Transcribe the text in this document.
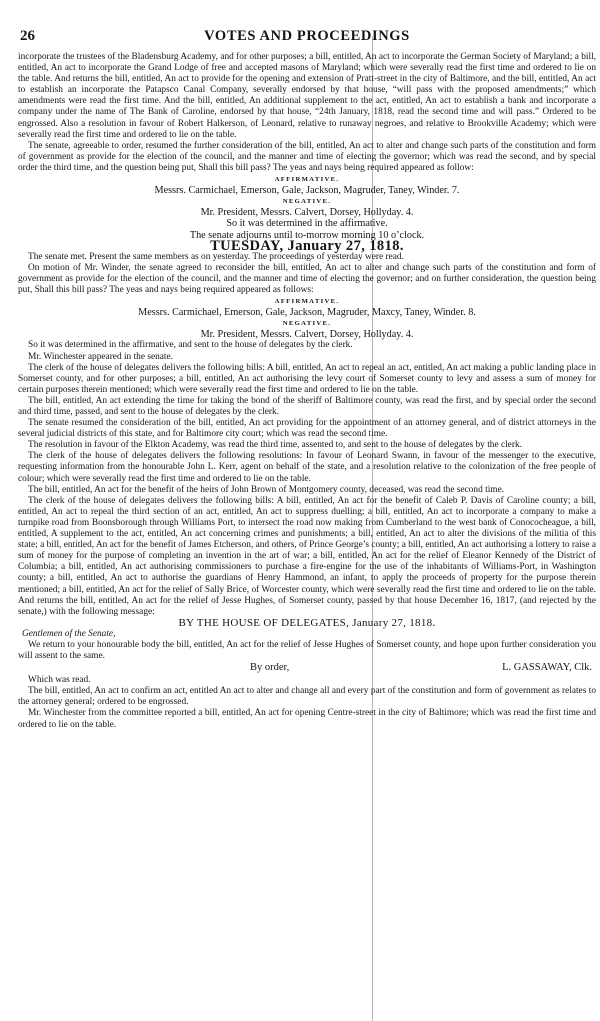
26	VOTES AND PROCEEDINGS

incorporate the trustees of the Bladensburg Academy, and for other purposes; a bill, entitled, An act to incorporate the German Society of Maryland; a bill, entitled, An act to incorporate the Grand Lodge of free and accepted masons of Maryland; which were severally read the first time and ordered to lie on the table. And returns the bill, entitled, An act to provide for the opening and extension of Pratt-street in the city of Baltimore, and the bill, entitled, An act to establish an incorporate the Patapsco Canal Company, severally endorsed by that house, “will pass with the proposed amendments;” which amendments were read the first time. And the bill, entitled, An additional supplement to the act, entitled, An act to establish a bank and incorporate a company under the name of The Bank of Caroline, endorsed by that house, “24th January, 1818, read the second time and will pass.” Ordered to be engrossed. Also a resolution in favour of Robert Halkerson, of Leonard, relative to runaway negroes, and relative to Brookville Academy; which were severally read the first time and ordered to lie on the table.

The senate, agreeable to order, resumed the further consideration of the bill, entitled, An act to alter and change such parts of the constitution and form of government as provide for the election of the council, and the manner and time of electing the governor; which was read the second, and by special order the third time, and the question being put, Shall this bill pass? The yeas and nays being required appeared as follow:

AFFIRMATIVE.

Messrs. Carmichael, Emerson, Gale, Jackson, Magruder, Taney, Winder. 7.

NEGATIVE.

Mr. President, Messrs. Calvert, Dorsey, Hollyday. 4.

So it was determined in the affirmative.

The senate adjourns until to-morrow morning 10 o’clock.

TUESDAY, January 27, 1818.

The senate met. Present the same members as on yesterday. The proceedings of yesterday were read.

On motion of Mr. Winder, the senate agreed to reconsider the bill, entitled, An act to alter and change such parts of the constitution and form of government as provide for the election of the council, and the manner and time of electing the governor; and on further consideration, the question being put, Shall this bill pass? The yeas and nays being required appeared as follows:

AFFIRMATIVE.

Messrs. Carmichael, Emerson, Gale, Jackson, Magruder, Maxcy, Taney, Winder. 8.

NEGATIVE.

Mr. President, Messrs. Calvert, Dorsey, Hollyday. 4.

So it was determined in the affirmative, and sent to the house of delegates by the clerk.

Mr. Winchester appeared in the senate.

The clerk of the house of delegates delivers the following bills: A bill, entitled, An act to repeal an act, entitled, An act making a public landing place in Somerset county, and for other purposes; a bill, entitled, An act authorising the levy court of Somerset county to levy and assess a sum of money for certain purposes therein mentioned; which were severally read the first time and ordered to lie on the table.

The bill, entitled, An act extending the time for taking the bond of the sheriff of Baltimore county, was read the first, and by special order the second and third time, passed, and sent to the house of delegates by the clerk.

The senate resumed the consideration of the bill, entitled, An act providing for the appointment of an attorney general, and of district attorneys in the several judicial districts of this state, and for Baltimore city court; which was read the second time.

The resolution in favour of the Elkton Academy, was read the third time, assented to, and sent to the house of delegates by the clerk.

The clerk of the house of delegates delivers the following resolutions: In favour of Leonard Swann, in favour of the messenger to the executive, requesting information from the honourable John L. Kerr, agent on behalf of the state, and a resolution relative to the colonization of the free people of colour; which were severally read the first time and ordered to lie on the table.

The bill, entitled, An act for the benefit of the heirs of John Brown of Montgomery county, deceased, was read the second time.

The clerk of the house of delegates delivers the following bills: A bill, entitled, An act for the benefit of Caleb P. Davis of Caroline county; a bill, entitled, An act to repeal the third section of an act, entitled, An act to suppress duelling; a bill, entitled, An act to incorporate a company to make a turnpike road from Boonsborough through Williams Port, to intersect the road now making from Cumberland to the west bank of Conococheague, a bill, entitled, A supplement to the act, entitled, An act concerning crimes and punishments; a bill, entitled, An act to alter the divisions of the militia of this state; a bill, entitled, An act for the benefit of James Etcherson, and others, of Prince George’s county; a bill, entitled, An act authorising a lottery to raise a sum of money for the purpose of completing an invention in the art of war; a bill, entitled, An act for the relief of Eleanor Kennedy of the District of Columbia; a bill, entitled, An act authorising commissioners to purchase a fire-engine for the use of the inhabitants of Williams-Port, in Washington county; a bill, entitled, An act to authorise the guardians of Henry Hammond, an infant, to apply the proceeds of property for the purpose therein mentioned; a bill, entitled, An act for the relief of Sally Brice, of Worcester county, which were severally read the first time and ordered to lie on the table. And returns the bill, entitled, An act for the relief of Jesse Hughes, of Somerset county, passed by that house December 16, 1817, (and rejected by the senate,) with the following message:

BY THE HOUSE OF DELEGATES, January 27, 1818.

Gentlemen of the Senate,

We return to your honourable body the bill, entitled, An act for the relief of Jesse Hughes of Somerset county, and hope upon further consideration you will assent to the same.

By order,	L. GASSAWAY, Clk.

Which was read.

The bill, entitled, An act to confirm an act, entitled An act to alter and change all and every part of the constitution and form of government as relates to the attorney general; ordered to be engrossed.

Mr. Winchester from the committee reported a bill, entitled, An act for opening Centre-street in the city of Baltimore; which was read the first time and ordered to lie on the table.
